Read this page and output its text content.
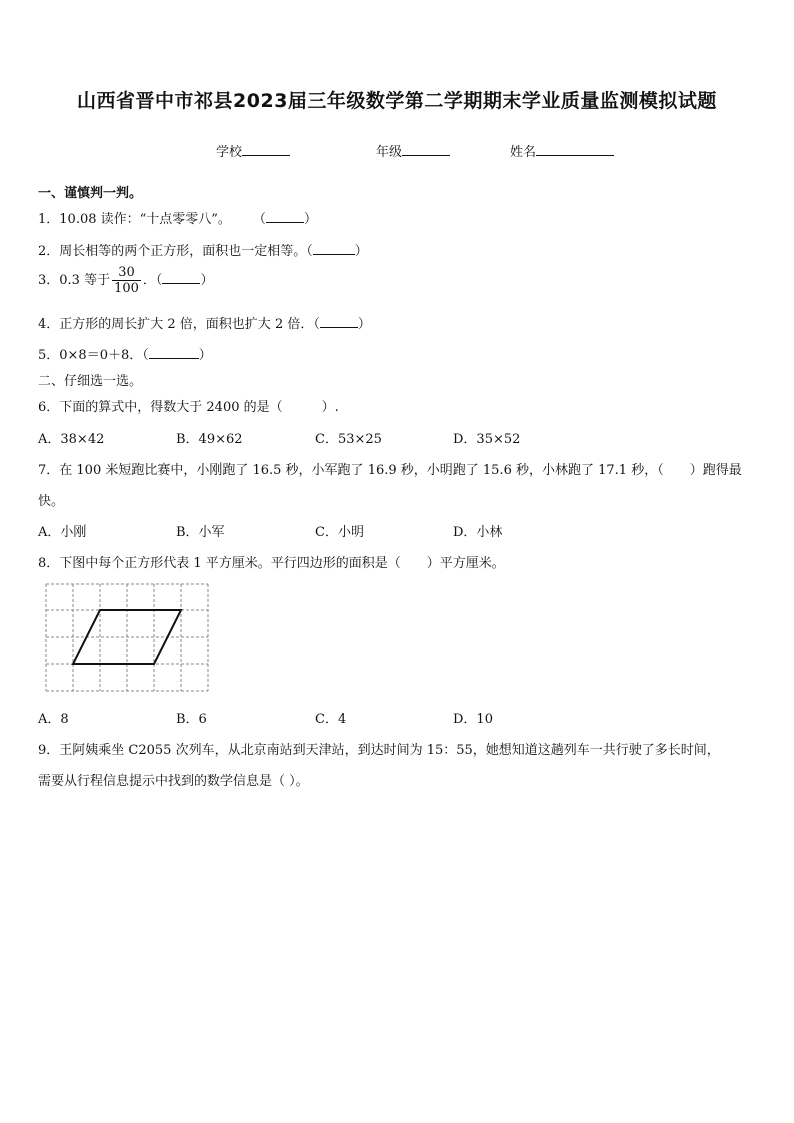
山西省晋中市祁县2023届三年级数学第二学期期末学业质量监测模拟试题
学校	年级	姓名
一、谨慎判一判。
1．10.08 读作：“十点零零八”。 （	）
2．周长相等的两个正方形，面积也一定相等。（	）
3．0.3 等于 $\frac{30}{100}$ ．（	）
4．正方形的周长扩大 2 倍，面积也扩大 2 倍．（	）
5．0×8＝0＋8．（	）
二、仔细选一选。
6．下面的算式中，得数大于 2400 的是（　　　）.
A．38×42	B．49×62	C．53×25	D．35×52
7．在 100 米短跑比赛中，小刚跑了 16.5 秒，小军跑了 16.9 秒，小明跑了 15.6 秒，小林跑了 17.1 秒，（　　）跑得最
快。
A．小刚	B．小军	C．小明	D．小林
8．下图中每个正方形代表 1 平方厘米。平行四边形的面积是（　　）平方厘米。
A．8	B．6	C．4	D．10
9．王阿姨乘坐 C2055 次列车，从北京南站到天津站，到达时间为 15：55，她想知道这趟列车一共行驶了多长时间，
需要从行程信息提示中找到的数学信息是（ ）。
